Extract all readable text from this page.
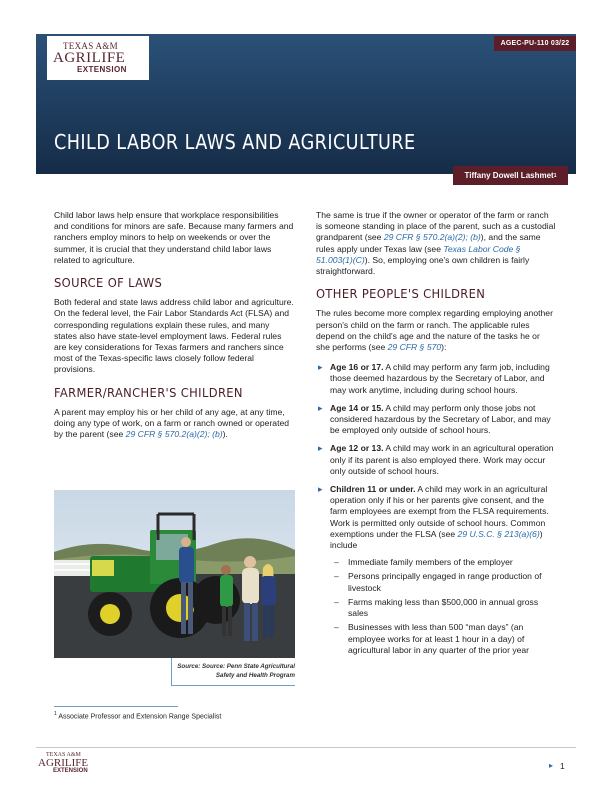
TEXAS A&M
AGRILIFE
EXTENSION
AGEC-PU-110 03/22
CHILD LABOR LAWS AND AGRICULTURE
Tiffany Dowell Lashmet 1

Child labor laws help ensure that workplace responsibilities and conditions for minors are safe. Because many farmers and ranchers employ minors to help on weekends or over the summer, it is crucial that they understand child labor laws related to agriculture.

SOURCE OF LAWS

Both federal and state laws address child labor and agriculture. On the federal level, the Fair Labor Standards Act (FLSA) and corresponding regulations explain these rules, and many states also have state-level employment laws. Federal rules are key considerations for Texas farmers and ranchers since most of the Texas-specific laws closely follow federal provisions.

FARMER/RANCHER'S CHILDREN

A parent may employ his or her child of any age, at any time, doing any type of work, on a farm or ranch owned or operated by the parent (see 29 CFR § 570.2(a)(2); (b)).

Source: Source: Penn State Agricultural Safety and Health Program

The same is true if the owner or operator of the farm or ranch is someone standing in place of the parent, such as a custodial grandparent (see 29 CFR § 570.2(a)(2); (b)), and the same rules apply under Texas law (see Texas Labor Code § 51.003(1)(C)). So, employing one's own children is fairly straightforward.

OTHER PEOPLE'S CHILDREN

The rules become more complex regarding employing another person's child on the farm or ranch. The applicable rules depend on the child's age and the nature of the tasks he or she performs (see 29 CFR § 570):

▸ Age 16 or 17. A child may perform any farm job, including those deemed hazardous by the Secretary of Labor, and may work anytime, including during school hours.
▸ Age 14 or 15. A child may perform only those jobs not considered hazardous by the Secretary of Labor, and may be employed only outside of school hours.
▸ Age 12 or 13. A child may work in an agricultural operation only if its parent is also employed there. Work may occur only outside of school hours.
▸ Children 11 or under. A child may work in an agricultural operation only if his or her parents give consent, and the farm employees are exempt from the FLSA requirements. Work is permitted only outside of school hours. Common exemptions under the FLSA (see 29 U.S.C. § 213(a)(6)) include
– Immediate family members of the employer
– Persons principally engaged in range production of livestock
– Farms making less than $500,000 in annual gross sales
– Businesses with less than 500 “man days” (an employee works for at least 1 hour in a day) of agricultural labor in any quarter of the prior year
$^1$ Associate Professor and Extension Range Specialist
TEXAS A&M
AGRILIFE
EXTENSION
▸ 1
